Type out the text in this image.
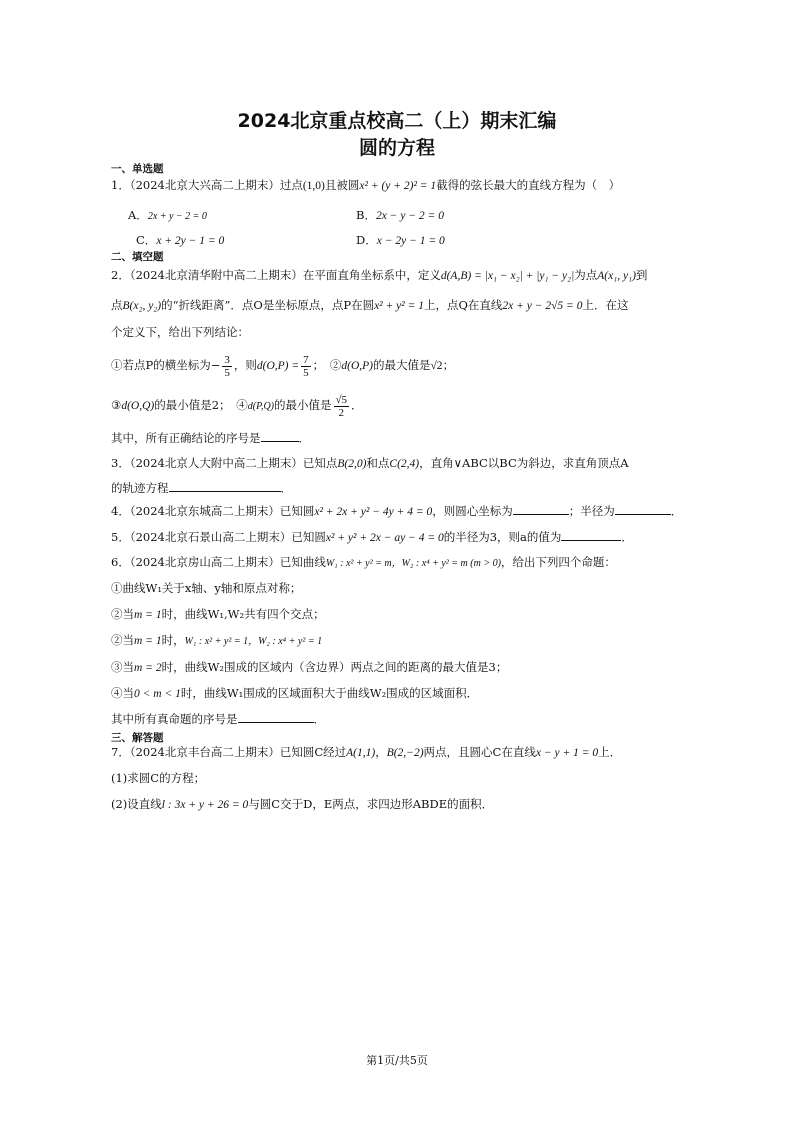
2024北京重点校高二（上）期末汇编
圆的方程
一、单选题
1．（2024北京大兴高二上期末）过点(1,0)且被圆x² + (y + 2)² = 1截得的弦长最大的直线方程为（　）
A．2x + y − 2 = 0	B．2x − y − 2 = 0
C．x + 2y − 1 = 0	D．x − 2y − 1 = 0
二、填空题
2．（2024北京清华附中高二上期末）在平面直角坐标系中，定义d(A,B) = |x₁ − x₂| + |y₁ − y₂|为点A(x₁, y₁)到
点B(x₂, y₂)的“折线距离”．点O是坐标原点，点P在圆x² + y² = 1上，点Q在直线2x + y − 2√5 = 0上．在这
个定义下，给出下列结论：
①若点P的横坐标为− $\frac{3}{5}$ ，则$d(O,P) = \frac{7}{5}$ ；　②d(O,P)的最大值是√2；
③d(O,Q)的最小值是2；　④d(P,Q)的最小值是 $\frac{√5}{2}$ ．
其中，所有正确结论的序号是	．
3．（2024北京人大附中高二上期末）已知点B(2,0)和点C(2,4)，直角∨ABC以BC为斜边，求直角顶点A
的轨迹方程	．
4．（2024北京东城高二上期末）已知圆x² + 2x + y² − 4y + 4 = 0，则圆心坐标为	；半径为	．
5．（2024北京石景山高二上期末）已知圆x² + y² + 2x − ay − 4 = 0的半径为3，则a的值为	．
6．（2024北京房山高二上期末）已知曲线W₁ : x² + y² = m，W₂ : x⁴ + y² = m (m > 0)，给出下列四个命题：
①曲线W₁关于x轴、y轴和原点对称；
②当m = 1时，曲线W₁,W₂共有四个交点；
②当m = 1时，W₁ : x² + y² = 1，W₂ : x⁴ + y² = 1
③当m = 2时，曲线W₂围成的区域内（含边界）两点之间的距离的最大值是3；
④当0 < m < 1时，曲线W₁围成的区域面积大于曲线W₂围成的区域面积．
其中所有真命题的序号是	．
三、解答题
7．（2024北京丰台高二上期末）已知圆C经过A(1,1)，B(2,−2)两点，且圆心C在直线x − y + 1 = 0上．
(1)求圆C的方程；
(2)设直线l : 3x + y + 26 = 0与圆C交于D，E两点，求四边形ABDE的面积．
第1页/共5页
